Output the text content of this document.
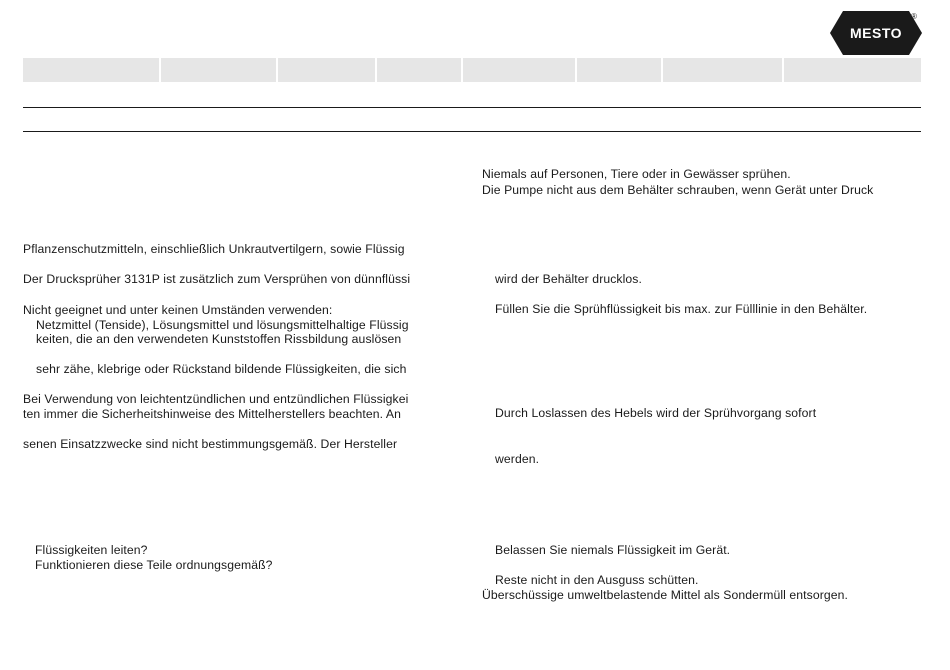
MESTO
®
Pflanzenschutzmitteln, einschließlich Unkrautvertilgern, sowie Flüssig
Der Drucksprüher 3131P ist zusätzlich zum Versprühen von dünnflüssi
Nicht geeignet und unter keinen Umständen verwenden:
Netzmittel (Tenside), Lösungsmittel und lösungsmittelhaltige Flüssig
keiten, die an den verwendeten Kunststoffen Rissbildung auslösen
sehr zähe, klebrige oder Rückstand bildende Flüssigkeiten, die sich
Bei Verwendung von leichtentzündlichen und entzündlichen Flüssigkei
ten immer die Sicherheitshinweise des Mittelherstellers beachten. An
senen Einsatzzwecke sind nicht bestimmungsgemäß. Der Hersteller
Flüssigkeiten leiten?
Funktionieren diese Teile ordnungsgemäß?
Niemals auf Personen, Tiere oder in Gewässer sprühen.
Die Pumpe nicht aus dem Behälter schrauben, wenn Gerät unter Druck
wird der Behälter drucklos.
Füllen Sie die Sprühflüssigkeit bis max. zur Fülllinie in den Behälter.
Durch Loslassen des Hebels wird der Sprühvorgang sofort
werden.
Belassen Sie niemals Flüssigkeit im Gerät.
Reste nicht in den Ausguss schütten.
Überschüssige umweltbelastende Mittel als Sondermüll entsorgen.
